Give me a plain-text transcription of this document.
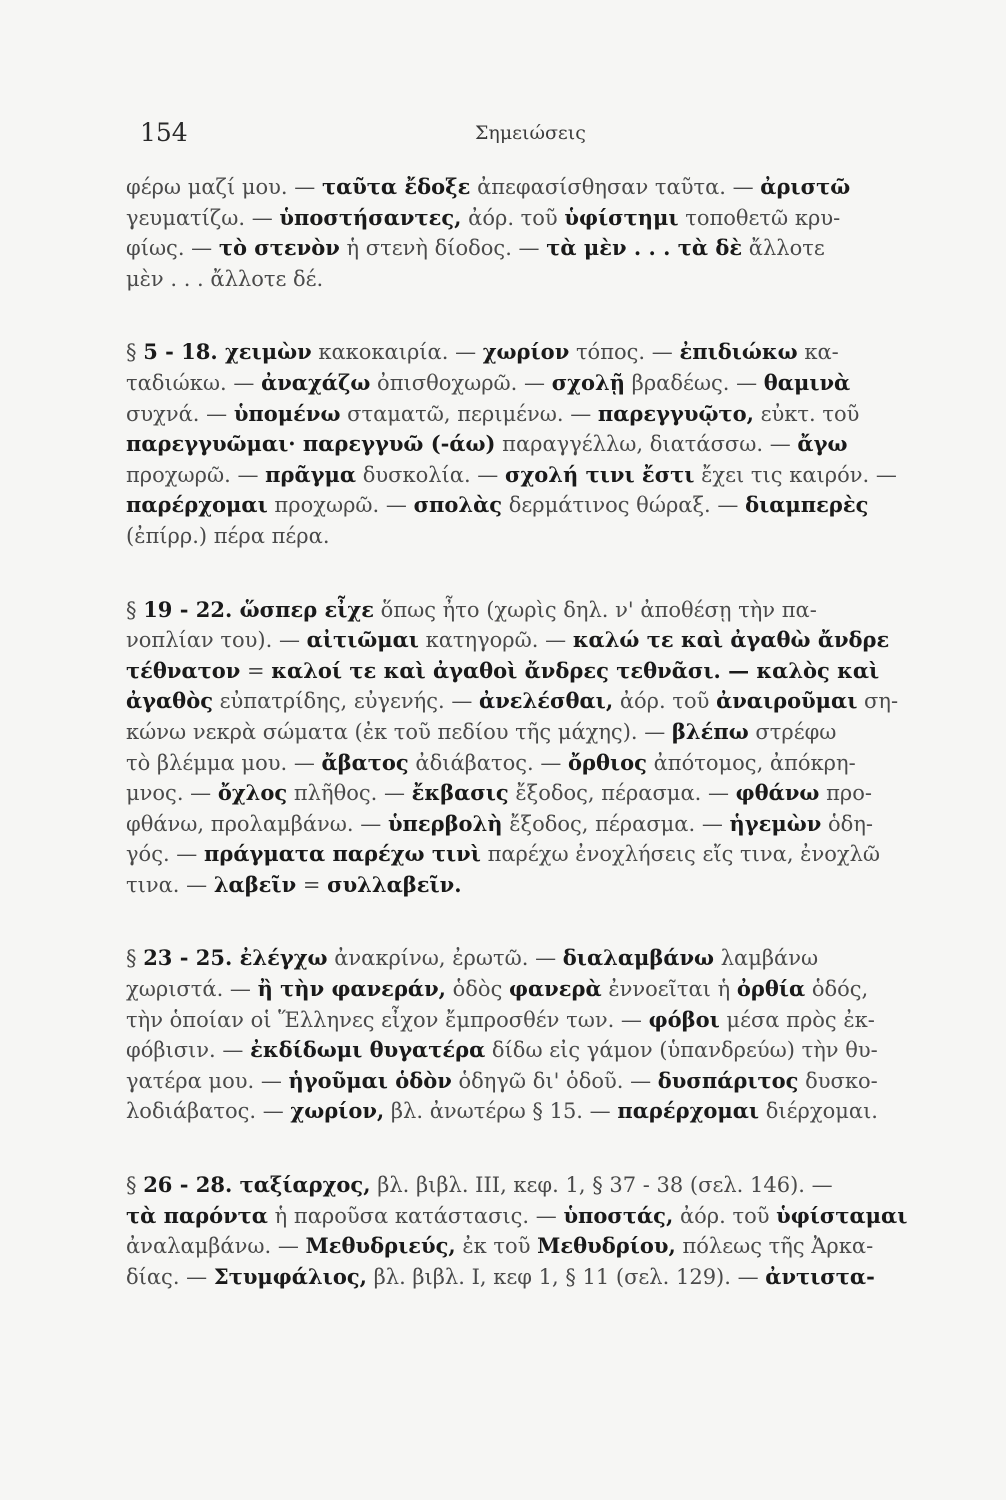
154	Σημειώσεις

φέρω μαζί μου. — ταῦτα ἔδοξε ἀπεφασίσθησαν ταῦτα. — ἀριστῶ
γευματίζω. — ὑποστήσαντες, ἀόρ. τοῦ ὑφίστημι τοποθετῶ κρυ-
φίως. — τὸ στενὸν ἡ στενὴ δίοδος. — τὰ μὲν . . . τὰ δὲ ἄλλοτε
μὲν . . . ἄλλοτε δέ.

§ 5 - 18. χειμὼν κακοκαιρία. — χωρίον τόπος. — ἐπιδιώκω κα-
ταδιώκω. — ἀναχάζω ὀπισθοχωρῶ. — σχολῇ βραδέως. — θαμινὰ
συχνά. — ὑπομένω σταματῶ, περιμένω. — παρεγγυῷτο, εὐκτ. τοῦ
παρεγγυῶμαι· παρεγγυῶ (-άω) παραγγέλλω, διατάσσω. — ἄγω
προχωρῶ. — πρᾶγμα δυσκολία. — σχολή τινι ἔστι ἔχει τις καιρόν. —
παρέρχομαι προχωρῶ. — σπολὰς δερμάτινος θώραξ. — διαμπερὲς
(ἐπίρρ.) πέρα πέρα.

§ 19 - 22. ὥσπερ εἶχε ὅπως ἦτο (χωρὶς δηλ. ν' ἀποθέσῃ τὴν πα-
νοπλίαν του). — αἰτιῶμαι κατηγορῶ. — καλώ τε καὶ ἀγαθὼ ἄνδρε
τέθνατον = καλοί τε καὶ ἀγαθοὶ ἄνδρες τεθνᾶσι. — καλὸς καὶ
ἀγαθὸς εὐπατρίδης, εὐγενής. — ἀνελέσθαι, ἀόρ. τοῦ ἀναιροῦμαι ση-
κώνω νεκρὰ σώματα (ἐκ τοῦ πεδίου τῆς μάχης). — βλέπω στρέφω
τὸ βλέμμα μου. — ἄβατος ἀδιάβατος. — ὄρθιος ἀπότομος, ἀπόκρη-
μνος. — ὄχλος πλῆθος. — ἔκβασις ἔξοδος, πέρασμα. — φθάνω προ-
φθάνω, προλαμβάνω. — ὑπερβολὴ ἔξοδος, πέρασμα. — ἡγεμὼν ὁδη-
γός. — πράγματα παρέχω τινὶ παρέχω ἐνοχλήσεις εἴς τινα, ἐνοχλῶ
τινα. — λαβεῖν = συλλαβεῖν.

§ 23 - 25. ἐλέγχω ἀνακρίνω, ἐρωτῶ. — διαλαμβάνω λαμβάνω
χωριστά. — ἢ τὴν φανεράν, ὁδὸς φανερὰ ἐννοεῖται ἡ ὀρθία ὁδός,
τὴν ὁποίαν οἱ Ἕλληνες εἶχον ἔμπροσθέν των. — φόβοι μέσα πρὸς ἐκ-
φόβισιν. — ἐκδίδωμι θυγατέρα δίδω εἰς γάμον (ὑπανδρεύω) τὴν θυ-
γατέρα μου. — ἡγοῦμαι ὁδὸν ὁδηγῶ δι' ὁδοῦ. — δυσπάριτος δυσκο-
λοδιάβατος. — χωρίον, βλ. ἀνωτέρω § 15. — παρέρχομαι διέρχομαι.

§ 26 - 28. ταξίαρχος, βλ. βιβλ. III, κεφ. 1, § 37 - 38 (σελ. 146). —
τὰ παρόντα ἡ παροῦσα κατάστασις. — ὑποστάς, ἀόρ. τοῦ ὑφίσταμαι
ἀναλαμβάνω. — Μεθυδριεύς, ἐκ τοῦ Μεθυδρίου, πόλεως τῆς Ἀρκα-
δίας. — Στυμφάλιος, βλ. βιβλ. I, κεφ 1, § 11 (σελ. 129). — ἀντιστα-
